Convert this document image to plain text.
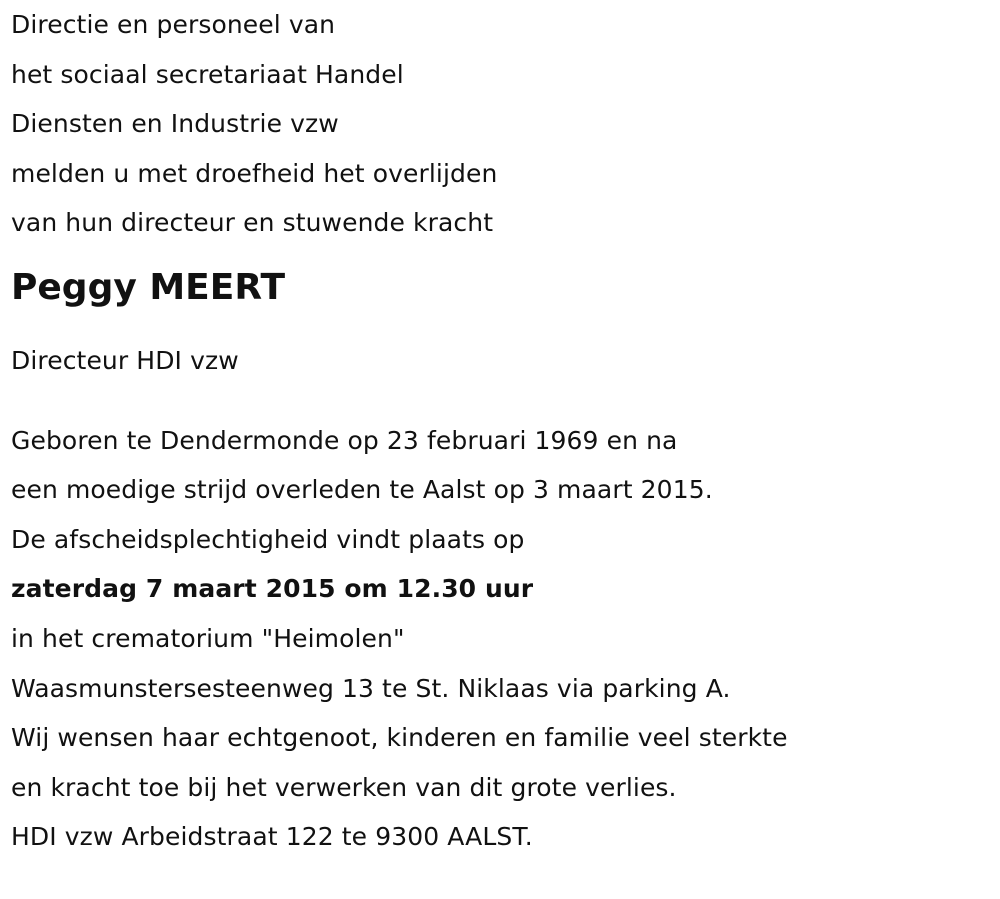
Directie en personeel van
het sociaal secretariaat Handel
Diensten en Industrie vzw
melden u met droefheid het overlijden
van hun directeur en stuwende kracht
Peggy MEERT
Directeur HDI vzw
Geboren te Dendermonde op 23 februari 1969 en na
een moedige strijd overleden te Aalst op 3 maart 2015.
De afscheidsplechtigheid vindt plaats op
zaterdag 7 maart 2015 om 12.30 uur
in het crematorium "Heimolen"
Waasmunstersesteenweg 13 te St. Niklaas via parking A.
Wij wensen haar echtgenoot, kinderen en familie veel sterkte
en kracht toe bij het verwerken van dit grote verlies.
HDI vzw Arbeidstraat 122 te 9300 AALST.
